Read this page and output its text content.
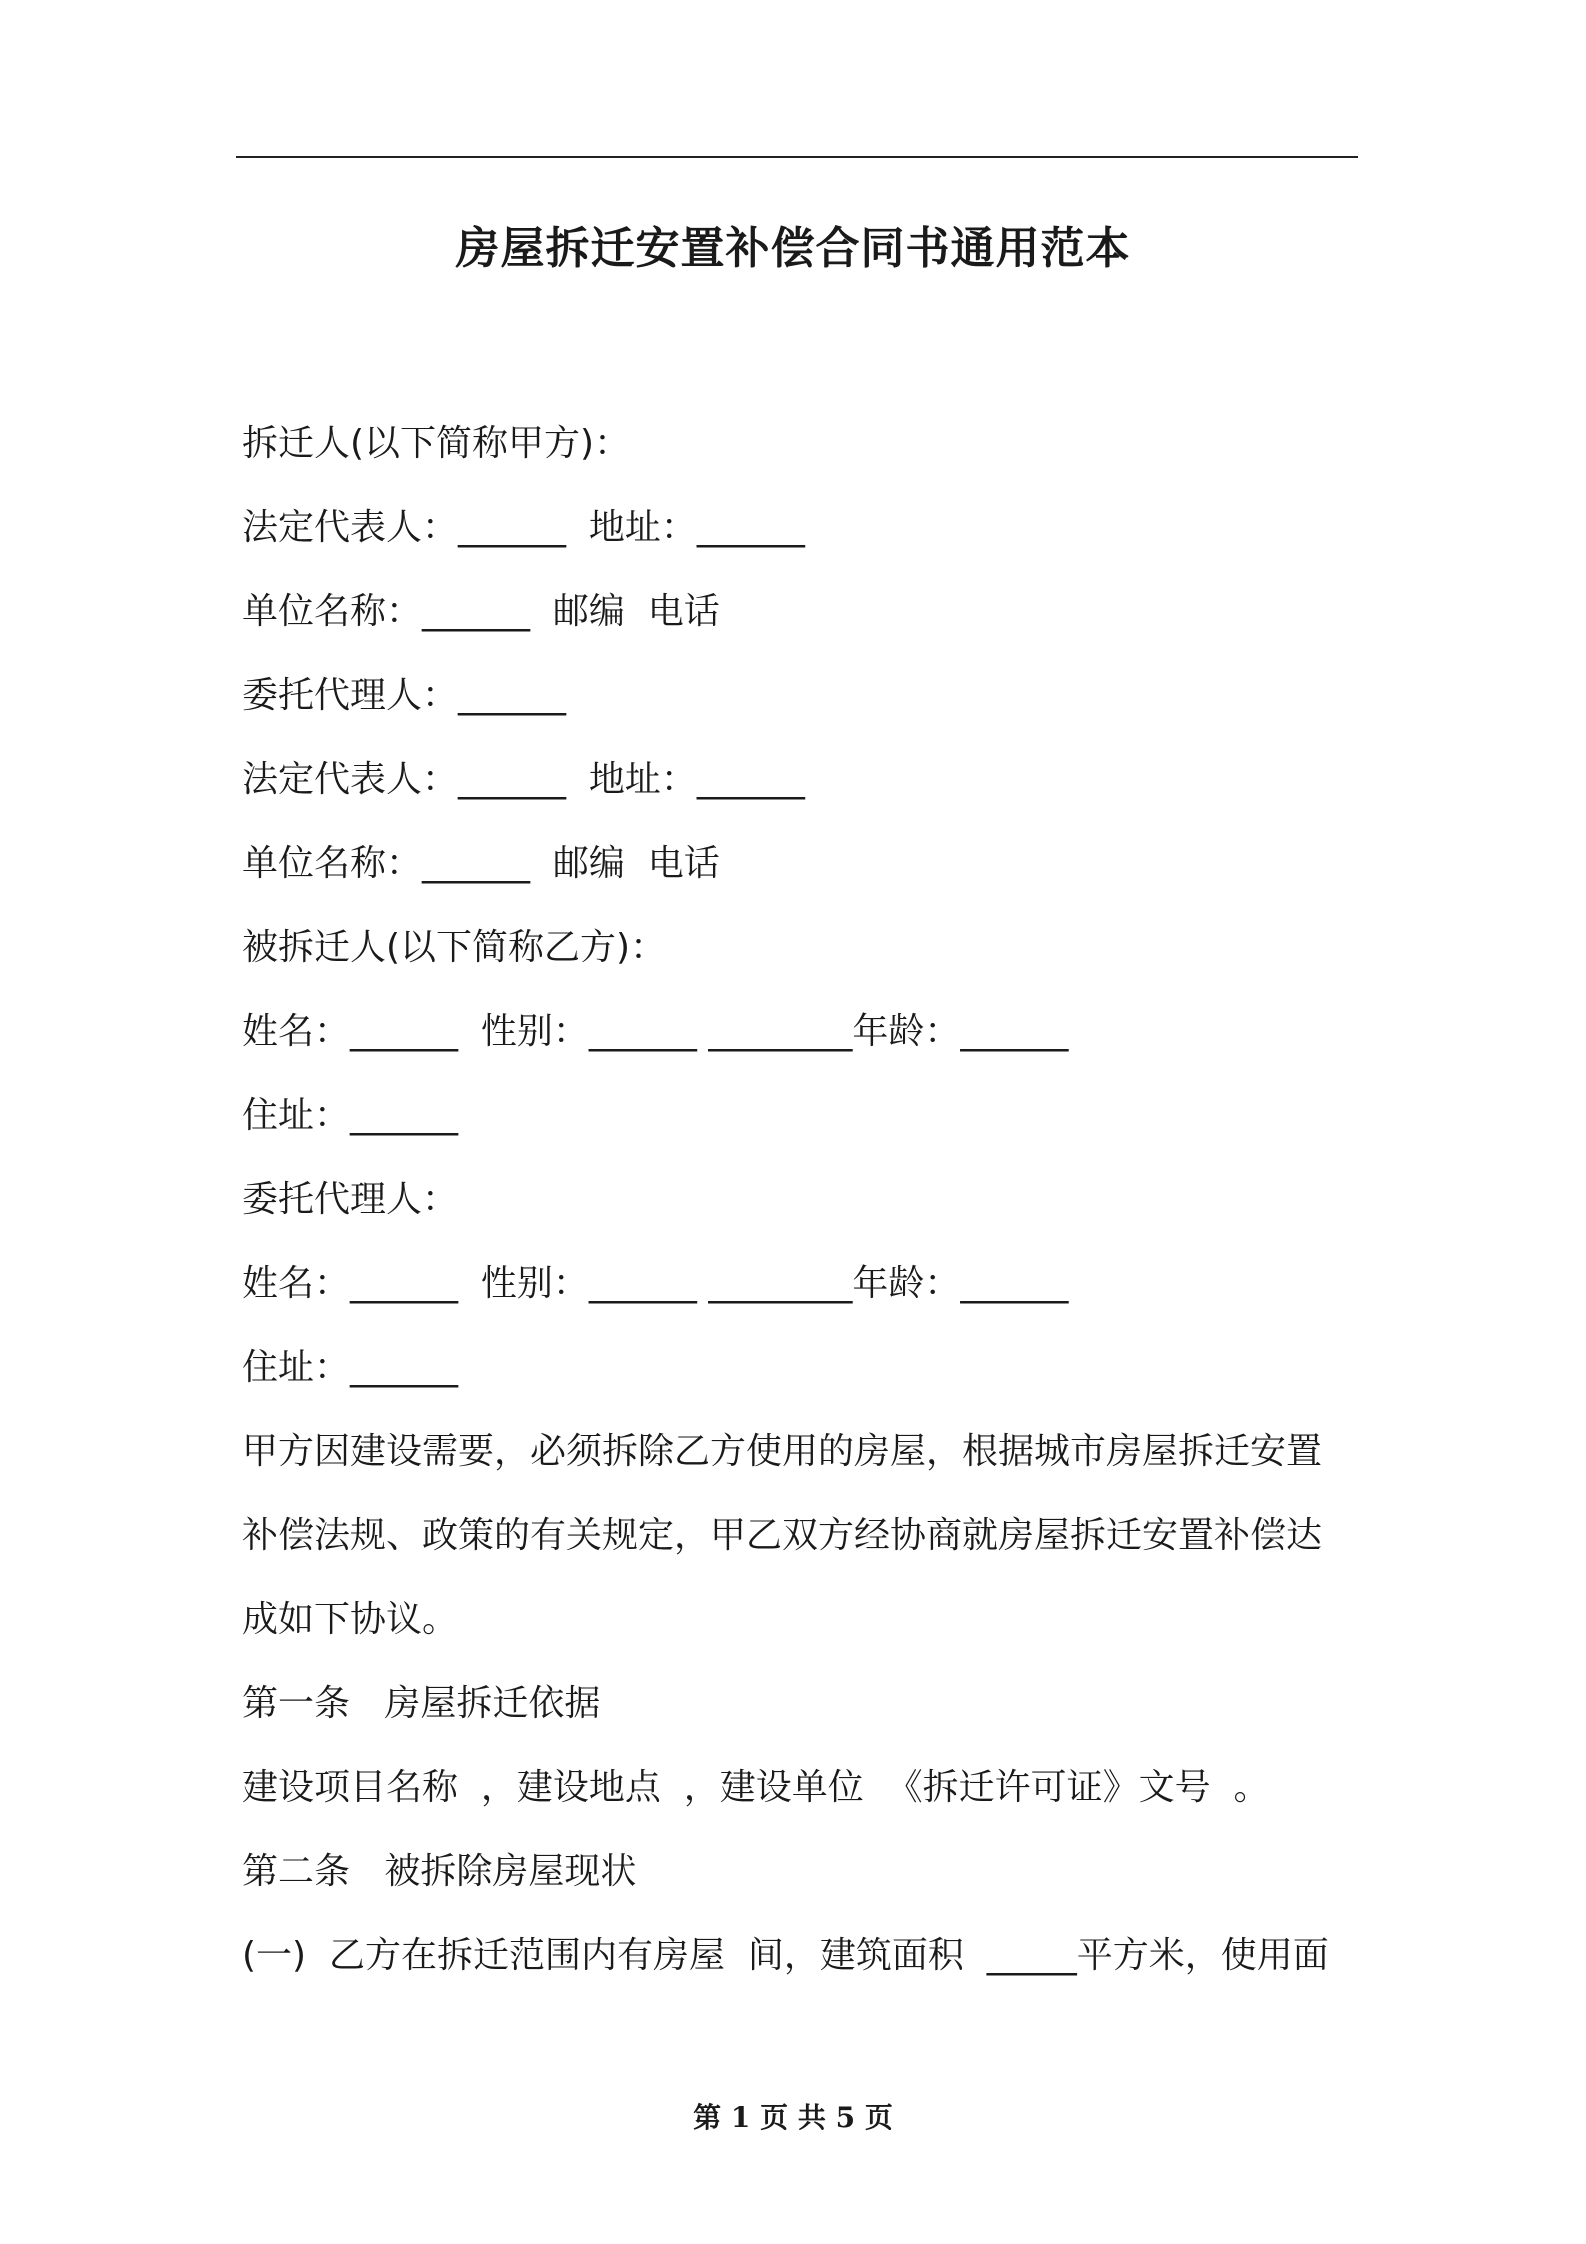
房屋拆迁安置补偿合同书通用范本
拆迁人(以下简称甲方)：
法定代表人：______  地址：______
单位名称：______  邮编  电话
委托代理人：______
法定代表人：______  地址：______
单位名称：______  邮编  电话
被拆迁人(以下简称乙方)：
姓名：______  性别：______ ________年龄：______
住址：______
委托代理人：
姓名：______  性别：______ ________年龄：______
住址：______
甲方因建设需要，必须拆除乙方使用的房屋，根据城市房屋拆迁安置
补偿法规、政策的有关规定，甲乙双方经协商就房屋拆迁安置补偿达
成如下协议。
第一条   房屋拆迁依据
建设项目名称  ，建设地点  ，建设单位  《拆迁许可证》文号  。
第二条   被拆除房屋现状
(一)  乙方在拆迁范围内有房屋  间，建筑面积  _____平方米，使用面
第 1 页 共 5 页
